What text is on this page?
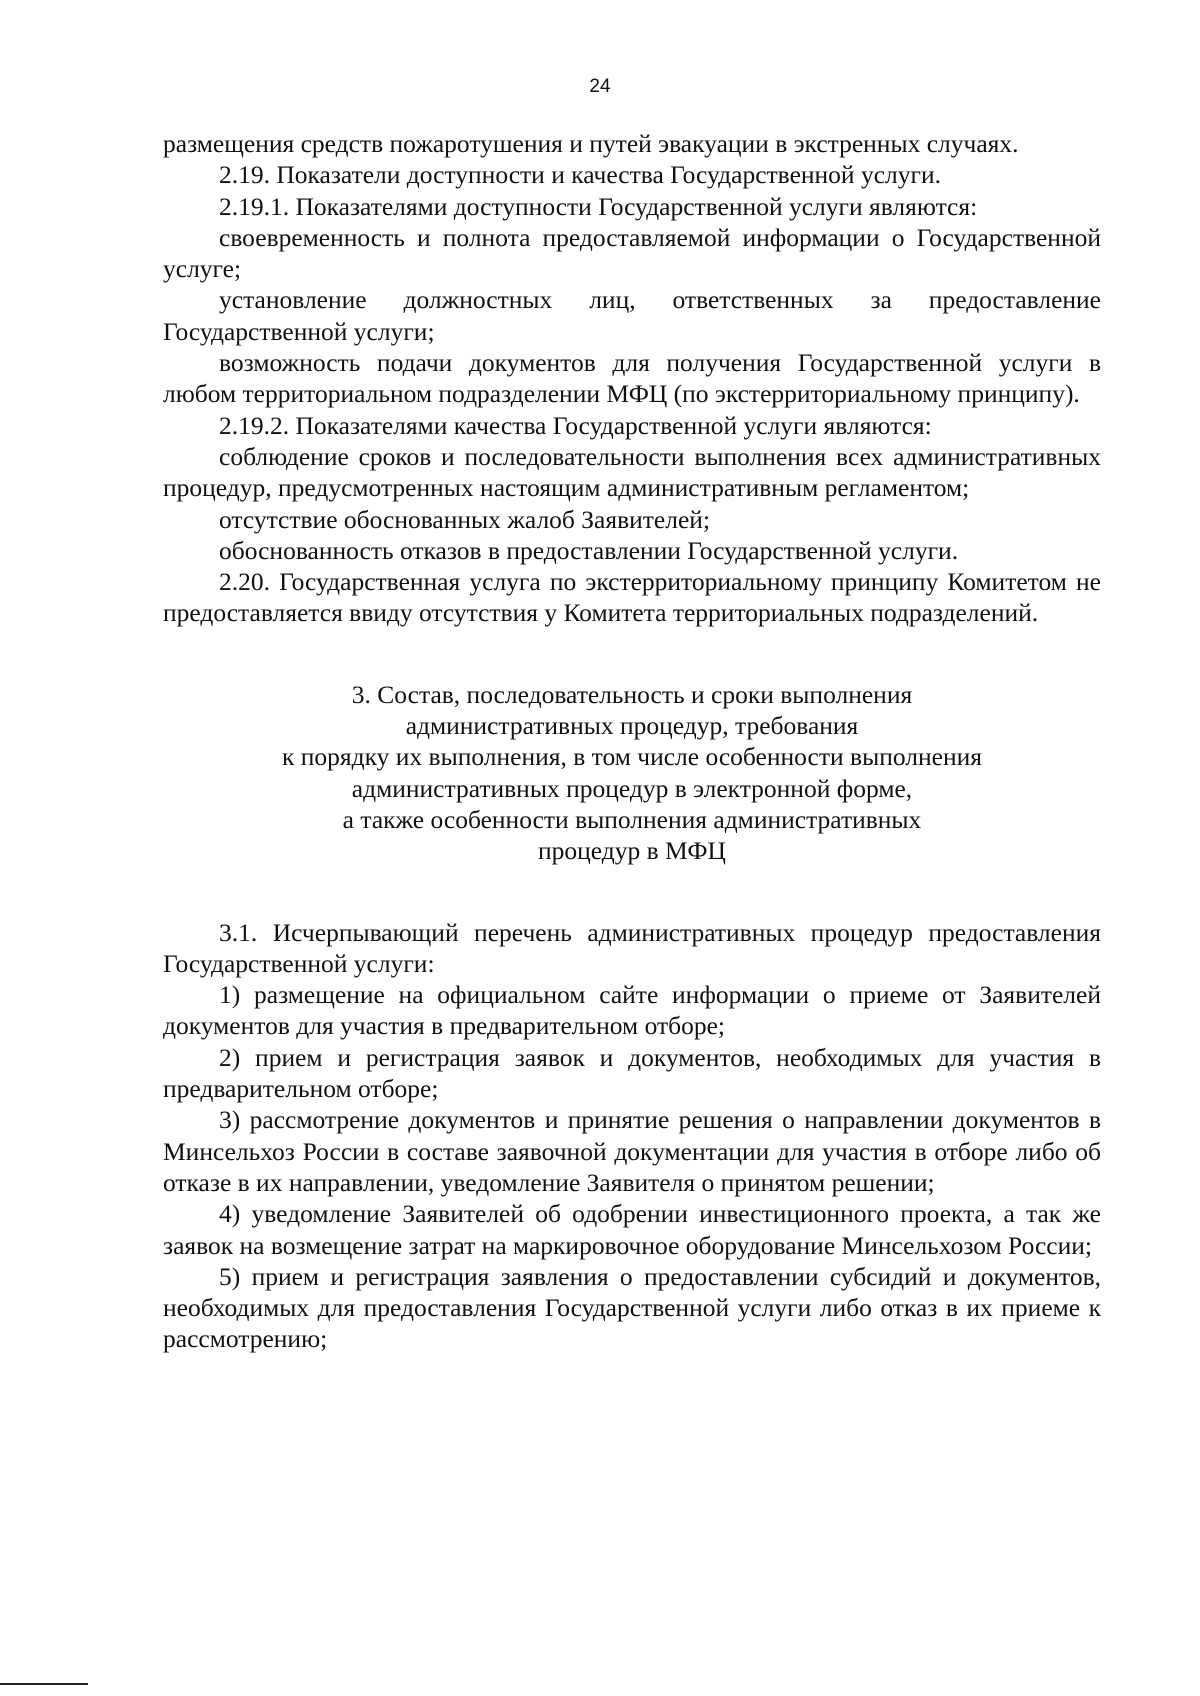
24

размещения средств пожаротушения и путей эвакуации в экстренных случаях.

2.19. Показатели доступности и качества Государственной услуги.

2.19.1. Показателями доступности Государственной услуги являются:

своевременность и полнота предоставляемой информации о Государственной услуге;

установление должностных лиц, ответственных за предоставление Государственной услуги;

возможность подачи документов для получения Государственной услуги в любом территориальном подразделении МФЦ (по экстерриториальному принципу).

2.19.2. Показателями качества Государственной услуги являются:

соблюдение сроков и последовательности выполнения всех административных процедур, предусмотренных настоящим административным регламентом;

отсутствие обоснованных жалоб Заявителей;

обоснованность отказов в предоставлении Государственной услуги.

2.20. Государственная услуга по экстерриториальному принципу Комитетом не предоставляется ввиду отсутствия у Комитета территориальных подразделений.

3. Состав, последовательность и сроки выполнения
административных процедур, требования
к порядку их выполнения, в том числе особенности выполнения
административных процедур в электронной форме,
а также особенности выполнения административных
процедур в МФЦ

3.1. Исчерпывающий перечень административных процедур предоставления Государственной услуги:

1) размещение на официальном сайте информации о приеме от Заявителей документов для участия в предварительном отборе;

2) прием и регистрация заявок и документов, необходимых для участия в предварительном отборе;

3) рассмотрение документов и принятие решения о направлении документов в Минсельхоз России в составе заявочной документации для участия в отборе либо об отказе в их направлении, уведомление Заявителя о принятом решении;

4) уведомление Заявителей об одобрении инвестиционного проекта, а так же заявок на возмещение затрат на маркировочное оборудование Минсельхозом России;

5) прием и регистрация заявления о предоставлении субсидий и документов, необходимых для предоставления Государственной услуги либо отказ в их приеме к рассмотрению;
